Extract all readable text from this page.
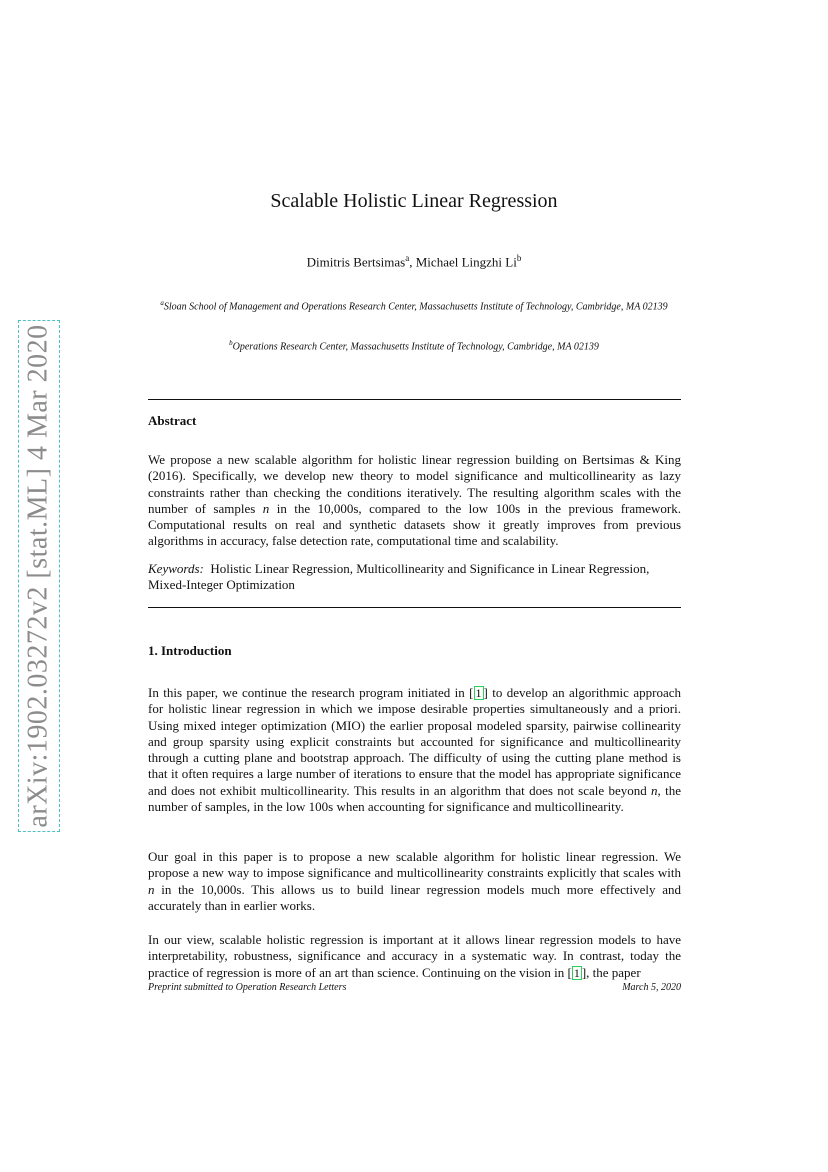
arXiv:1902.03272v2 [stat.ML] 4 Mar 2020
Scalable Holistic Linear Regression
Dimitris Bertsimas$^a$, Michael Lingzhi Li$^b$
$^a$Sloan School of Management and Operations Research Center, Massachusetts Institute of Technology, Cambridge, MA 02139
$^b$Operations Research Center, Massachusetts Institute of Technology, Cambridge, MA 02139
Abstract
We propose a new scalable algorithm for holistic linear regression building on Bertsimas & King (2016). Specifically, we develop new theory to model significance and multicollinearity as lazy constraints rather than checking the conditions iteratively. The resulting algorithm scales with the number of samples n in the 10,000s, compared to the low 100s in the previous framework. Computational results on real and synthetic datasets show it greatly improves from previous algorithms in accuracy, false detection rate, computational time and scalability.
Keywords: Holistic Linear Regression, Multicollinearity and Significance in Linear Regression, Mixed-Integer Optimization
1. Introduction
In this paper, we continue the research program initiated in [ 1 ] to develop an algorithmic approach for holistic linear regression in which we impose desirable properties simultaneously and a priori. Using mixed integer optimization (MIO) the earlier proposal modeled sparsity, pairwise collinearity and group sparsity using explicit constraints but accounted for significance and multicollinearity through a cutting plane and bootstrap approach. The difficulty of using the cutting plane method is that it often requires a large number of iterations to ensure that the model has appropriate significance and does not exhibit multicollinearity. This results in an algorithm that does not scale beyond n, the number of samples, in the low 100s when accounting for significance and multicollinearity.
Our goal in this paper is to propose a new scalable algorithm for holistic linear regression. We propose a new way to impose significance and multicollinearity constraints explicitly that scales with n in the 10,000s. This allows us to build linear regression models much more effectively and accurately than in earlier works.
In our view, scalable holistic regression is important at it allows linear regression models to have interpretability, robustness, significance and accuracy in a systematic way. In contrast, today the practice of regression is more of an art than science. Continuing on the vision in [ 1 ], the paper
Preprint submitted to Operation Research Letters	March 5, 2020
